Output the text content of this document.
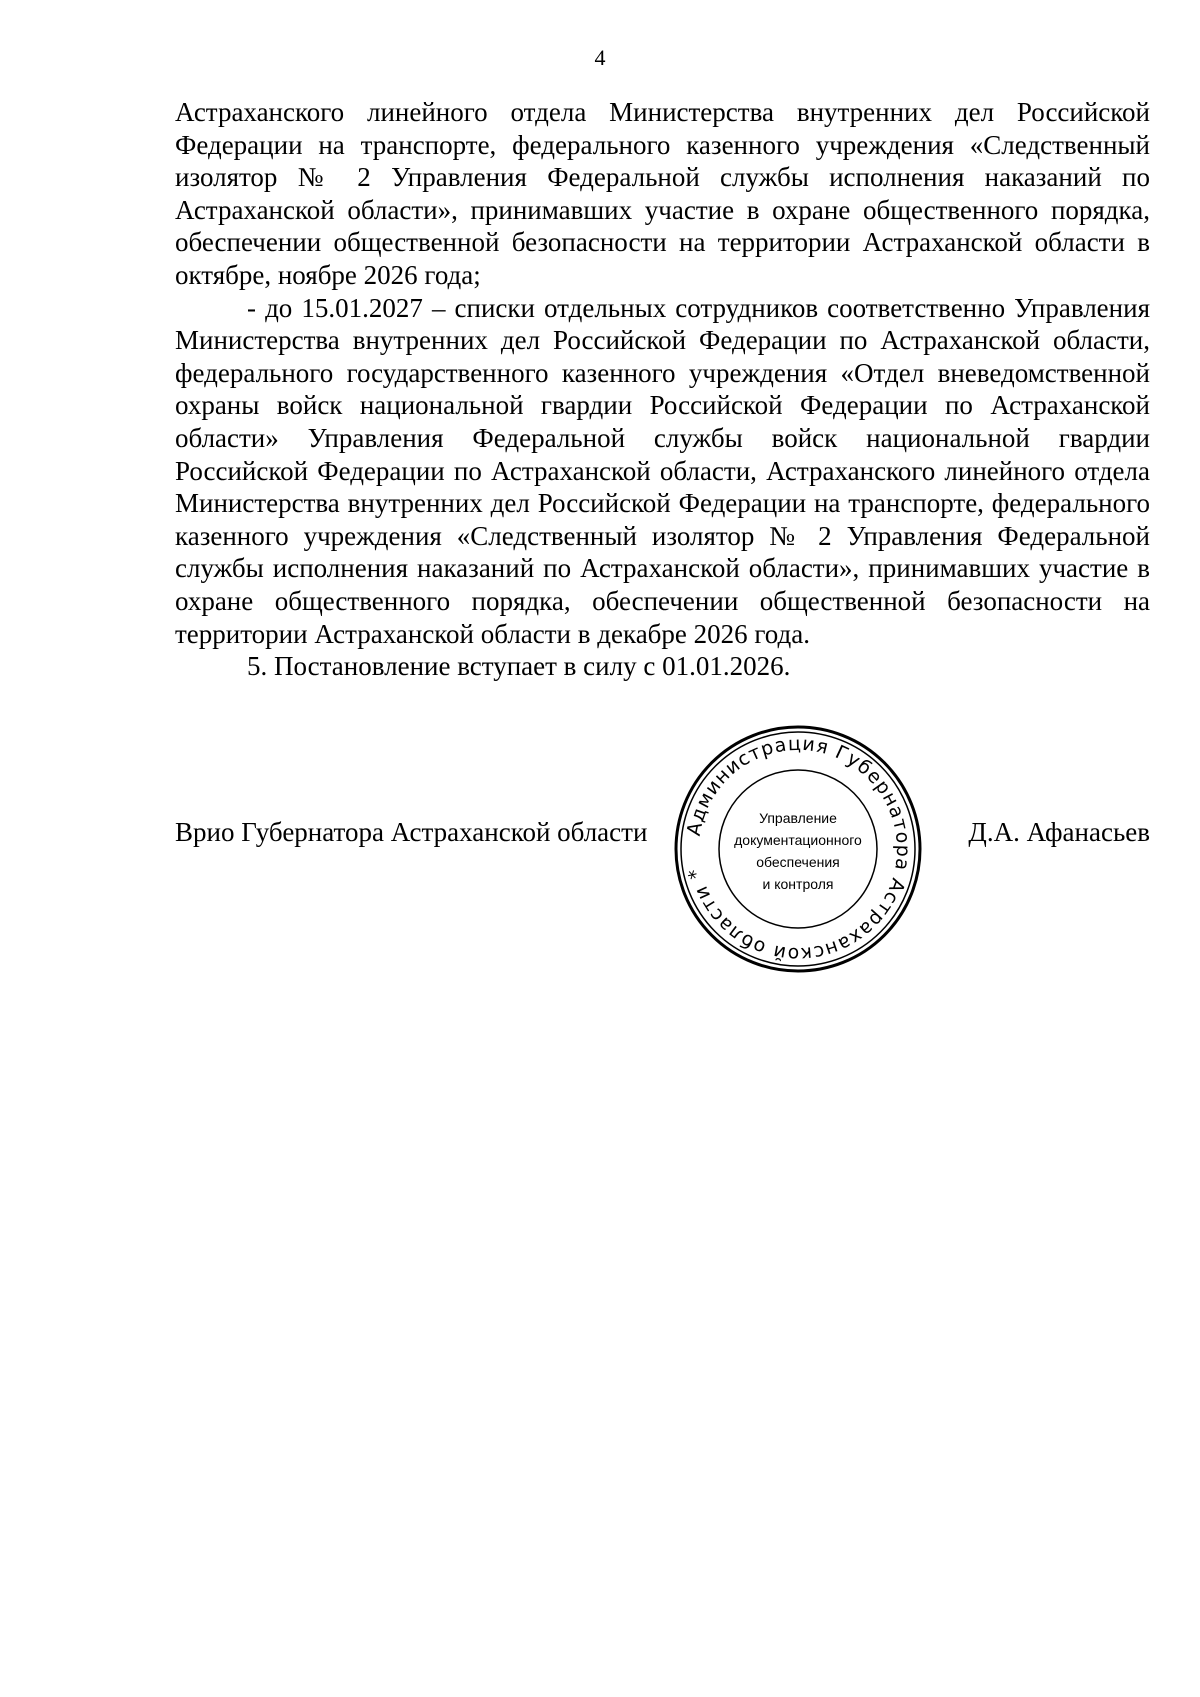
4

Астраханского линейного отдела Министерства внутренних дел Российской Федерации на транспорте, федерального казенного учреждения «Следственный изолятор № 2 Управления Федеральной службы исполнения наказаний по Астраханской области», принимавших участие в охране общественного порядка, обеспечении общественной безопасности на территории Астраханской области в октябре, ноябре 2026 года;

- до 15.01.2027 – списки отдельных сотрудников соответственно Управления Министерства внутренних дел Российской Федерации по Астраханской области, федерального государственного казенного учреждения «Отдел вневедомственной охраны войск национальной гвардии Российской Федерации по Астраханской области» Управления Федеральной службы войск национальной гвардии Российской Федерации по Астраханской области, Астраханского линейного отдела Министерства внутренних дел Российской Федерации на транспорте, федерального казенного учреждения «Следственный изолятор № 2 Управления Федеральной службы исполнения наказаний по Астраханской области», принимавших участие в охране общественного порядка, обеспечении общественной безопасности на территории Астраханской области в декабре 2026 года.

5. Постановление вступает в силу с 01.01.2026.

Врио Губернатора Астраханской области	Д.А. Афанасьев
Администрация Губернатора Астраханской области *
Управление
документационного
обеспечения
и контроля
